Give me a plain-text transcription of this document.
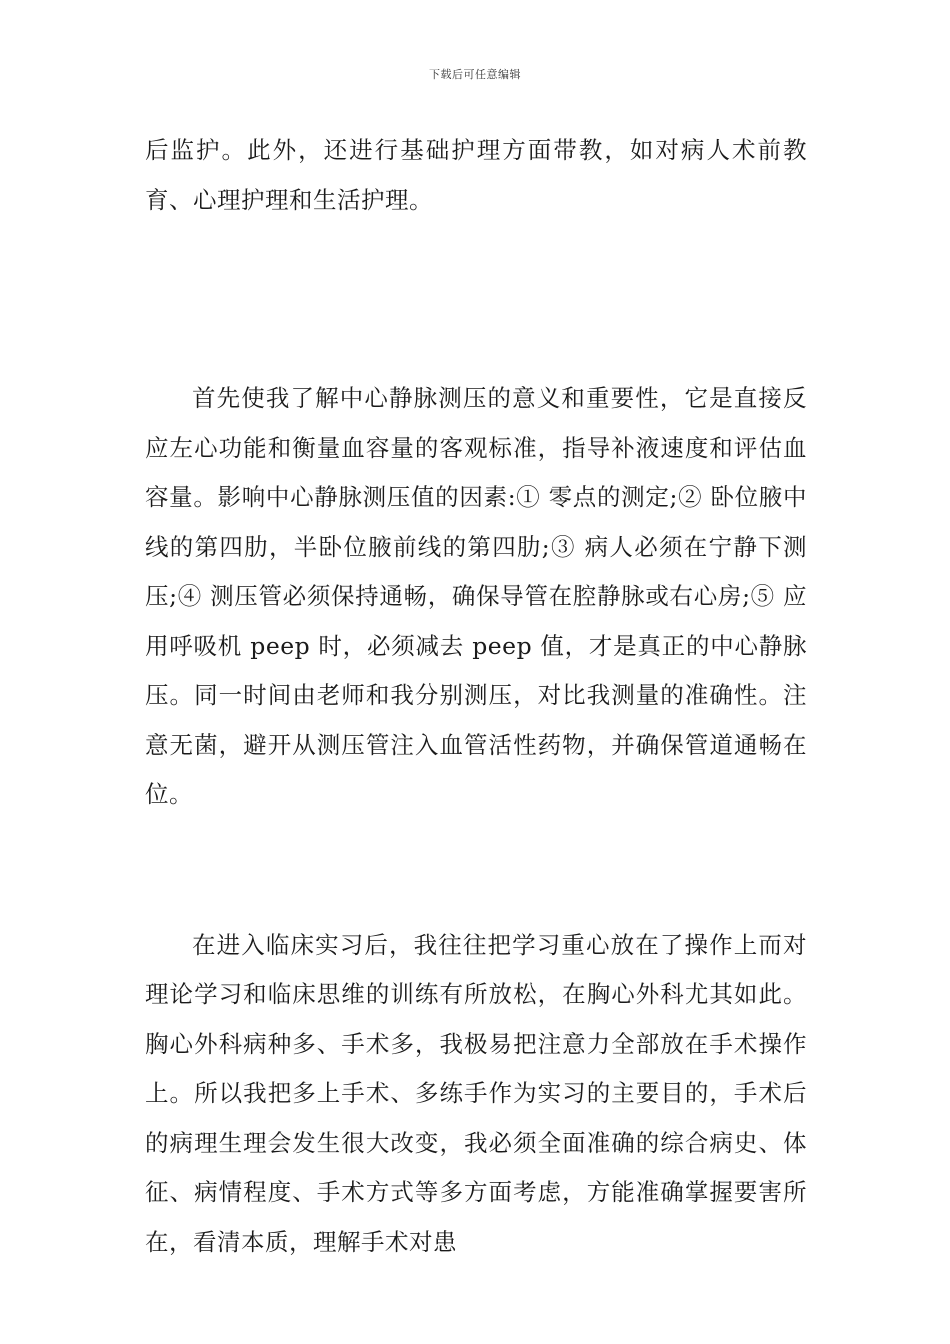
下载后可任意编辑

后监护。此外，还进行基础护理方面带教，如对病人术前教育、心理护理和生活护理。

首先使我了解中心静脉测压的意义和重要性，它是直接反应左心功能和衡量血容量的客观标准，指导补液速度和评估血容量。影响中心静脉测压值的因素:① 零点的测定;② 卧位腋中线的第四肋，半卧位腋前线的第四肋;③ 病人必须在宁静下测压;④ 测压管必须保持通畅，确保导管在腔静脉或右心房;⑤ 应用呼吸机 peep 时，必须减去 peep 值，才是真正的中心静脉压。同一时间由老师和我分别测压，对比我测量的准确性。注意无菌，避开从测压管注入血管活性药物，并确保管道通畅在位。

在进入临床实习后，我往往把学习重心放在了操作上而对理论学习和临床思维的训练有所放松，在胸心外科尤其如此。胸心外科病种多、手术多，我极易把注意力全部放在手术操作上。所以我把多上手术、多练手作为实习的主要目的，手术后的病理生理会发生很大改变，我必须全面准确的综合病史、体征、病情程度、手术方式等多方面考虑，方能准确掌握要害所在，看清本质，理解手术对患
